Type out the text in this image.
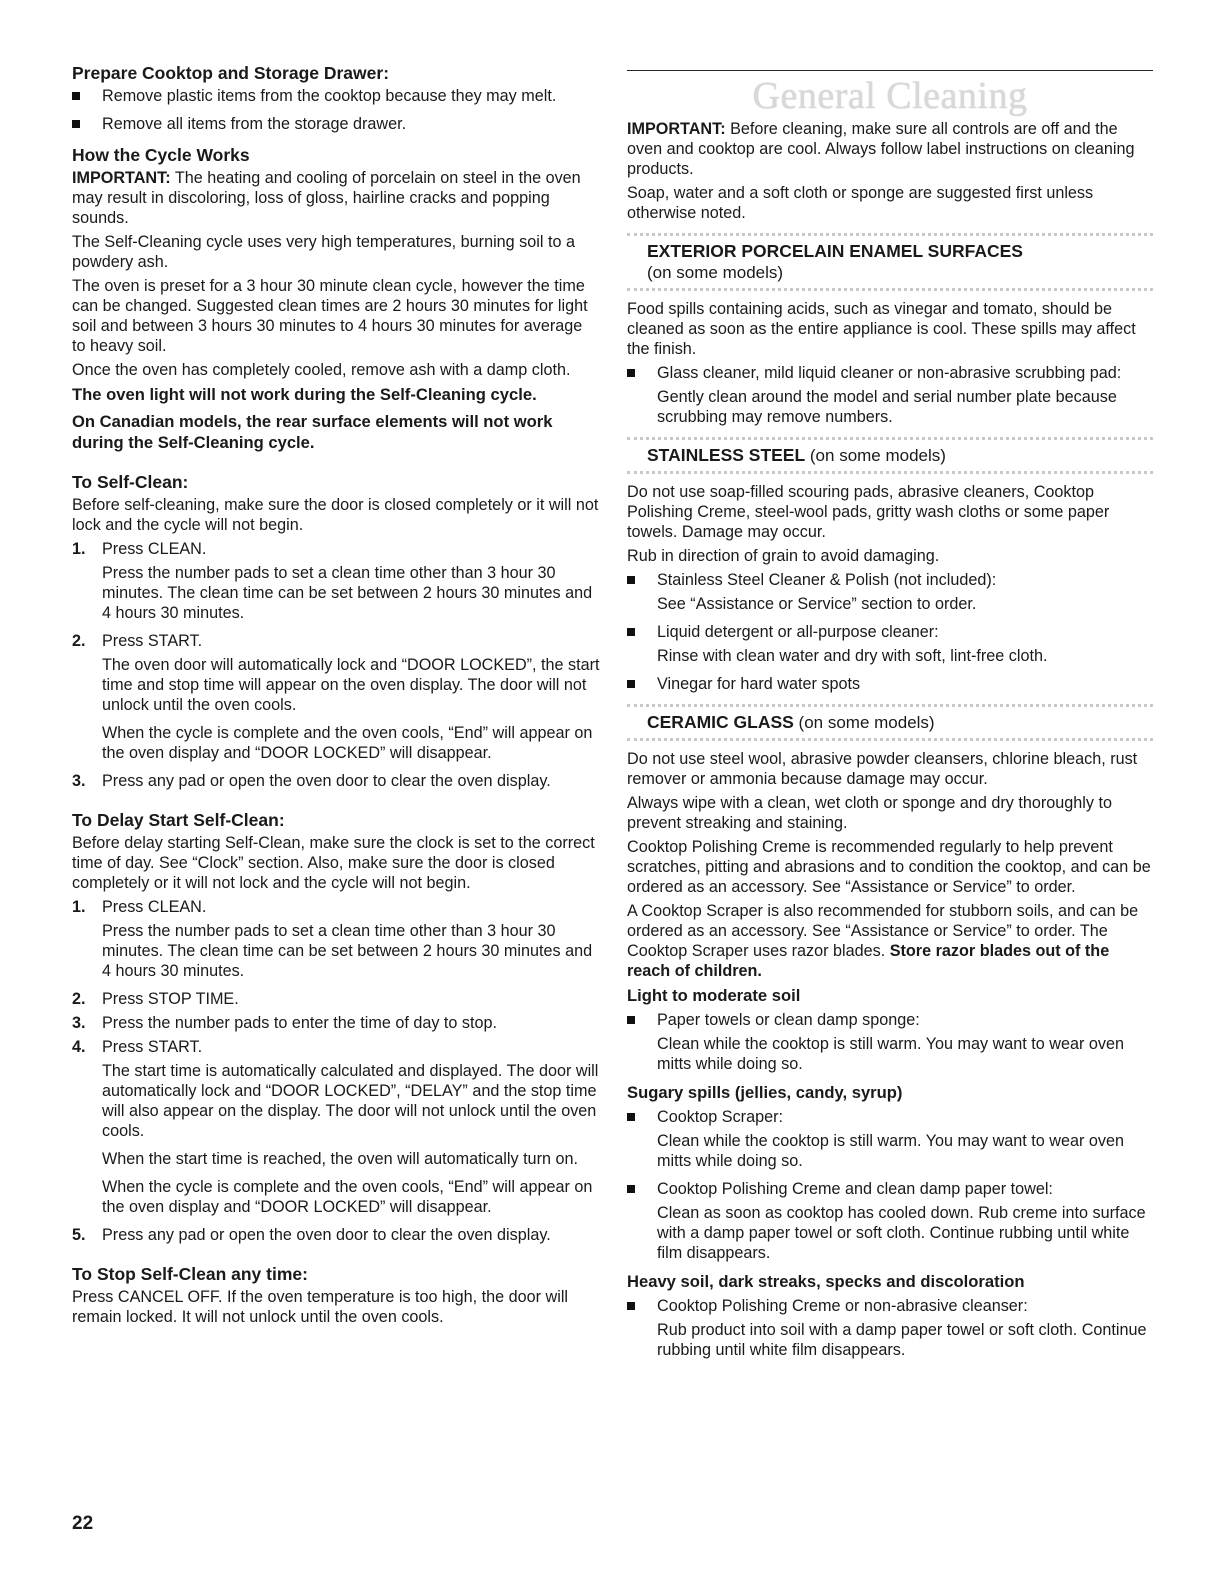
Prepare Cooktop and Storage Drawer:
Remove plastic items from the cooktop because they may melt.
Remove all items from the storage drawer.
How the Cycle Works

IMPORTANT: The heating and cooling of porcelain on steel in the oven may result in discoloring, loss of gloss, hairline cracks and popping sounds.

The Self-Cleaning cycle uses very high temperatures, burning soil to a powdery ash.

The oven is preset for a 3 hour 30 minute clean cycle, however the time can be changed. Suggested clean times are 2 hours 30 minutes for light soil and between 3 hours 30 minutes to 4 hours 30 minutes for average to heavy soil.

Once the oven has completely cooled, remove ash with a damp cloth.

The oven light will not work during the Self-Cleaning cycle.
On Canadian models, the rear surface elements will not work during the Self-Cleaning cycle.
To Self-Clean:

Before self-cleaning, make sure the door is closed completely or it will not lock and the cycle will not begin.

1. Press CLEAN.
Press the number pads to set a clean time other than 3 hour 30 minutes. The clean time can be set between 2 hours 30 minutes and 4 hours 30 minutes.
2. Press START.
The oven door will automatically lock and “DOOR LOCKED”, the start time and stop time will appear on the oven display. The door will not unlock until the oven cools.
When the cycle is complete and the oven cools, “End” will appear on the oven display and “DOOR LOCKED” will disappear.
3. Press any pad or open the oven door to clear the oven display.
To Delay Start Self-Clean:

Before delay starting Self-Clean, make sure the clock is set to the correct time of day. See “Clock” section. Also, make sure the door is closed completely or it will not lock and the cycle will not begin.

1. Press CLEAN.
Press the number pads to set a clean time other than 3 hour 30 minutes. The clean time can be set between 2 hours 30 minutes and 4 hours 30 minutes.
2. Press STOP TIME.
3. Press the number pads to enter the time of day to stop.
4. Press START.
The start time is automatically calculated and displayed. The door will automatically lock and “DOOR LOCKED”, “DELAY” and the stop time will also appear on the display. The door will not unlock until the oven cools.
When the start time is reached, the oven will automatically turn on.
When the cycle is complete and the oven cools, “End” will appear on the oven display and “DOOR LOCKED” will disappear.
5. Press any pad or open the oven door to clear the oven display.
To Stop Self-Clean any time:

Press CANCEL OFF. If the oven temperature is too high, the door will remain locked. It will not unlock until the oven cools.

22
General Cleaning

IMPORTANT: Before cleaning, make sure all controls are off and the oven and cooktop are cool. Always follow label instructions on cleaning products.

Soap, water and a soft cloth or sponge are suggested first unless otherwise noted.

EXTERIOR PORCELAIN ENAMEL SURFACES
(on some models)

Food spills containing acids, such as vinegar and tomato, should be cleaned as soon as the entire appliance is cool. These spills may affect the finish.

Glass cleaner, mild liquid cleaner or non-abrasive scrubbing pad:
Gently clean around the model and serial number plate because scrubbing may remove numbers.
STAINLESS STEEL (on some models)

Do not use soap-filled scouring pads, abrasive cleaners, Cooktop Polishing Creme, steel-wool pads, gritty wash cloths or some paper towels. Damage may occur.

Rub in direction of grain to avoid damaging.

Stainless Steel Cleaner & Polish (not included):
See “Assistance or Service” section to order.
Liquid detergent or all-purpose cleaner:
Rinse with clean water and dry with soft, lint-free cloth.
Vinegar for hard water spots
CERAMIC GLASS (on some models)

Do not use steel wool, abrasive powder cleansers, chlorine bleach, rust remover or ammonia because damage may occur.

Always wipe with a clean, wet cloth or sponge and dry thoroughly to prevent streaking and staining.

Cooktop Polishing Creme is recommended regularly to help prevent scratches, pitting and abrasions and to condition the cooktop, and can be ordered as an accessory. See “Assistance or Service” to order.

A Cooktop Scraper is also recommended for stubborn soils, and can be ordered as an accessory. See “Assistance or Service” to order. The Cooktop Scraper uses razor blades. Store razor blades out of the reach of children.

Light to moderate soil
Paper towels or clean damp sponge:
Clean while the cooktop is still warm. You may want to wear oven mitts while doing so.
Sugary spills (jellies, candy, syrup)
Cooktop Scraper:
Clean while the cooktop is still warm. You may want to wear oven mitts while doing so.
Cooktop Polishing Creme and clean damp paper towel:
Clean as soon as cooktop has cooled down. Rub creme into surface with a damp paper towel or soft cloth. Continue rubbing until white film disappears.
Heavy soil, dark streaks, specks and discoloration
Cooktop Polishing Creme or non-abrasive cleanser:
Rub product into soil with a damp paper towel or soft cloth. Continue rubbing until white film disappears.
